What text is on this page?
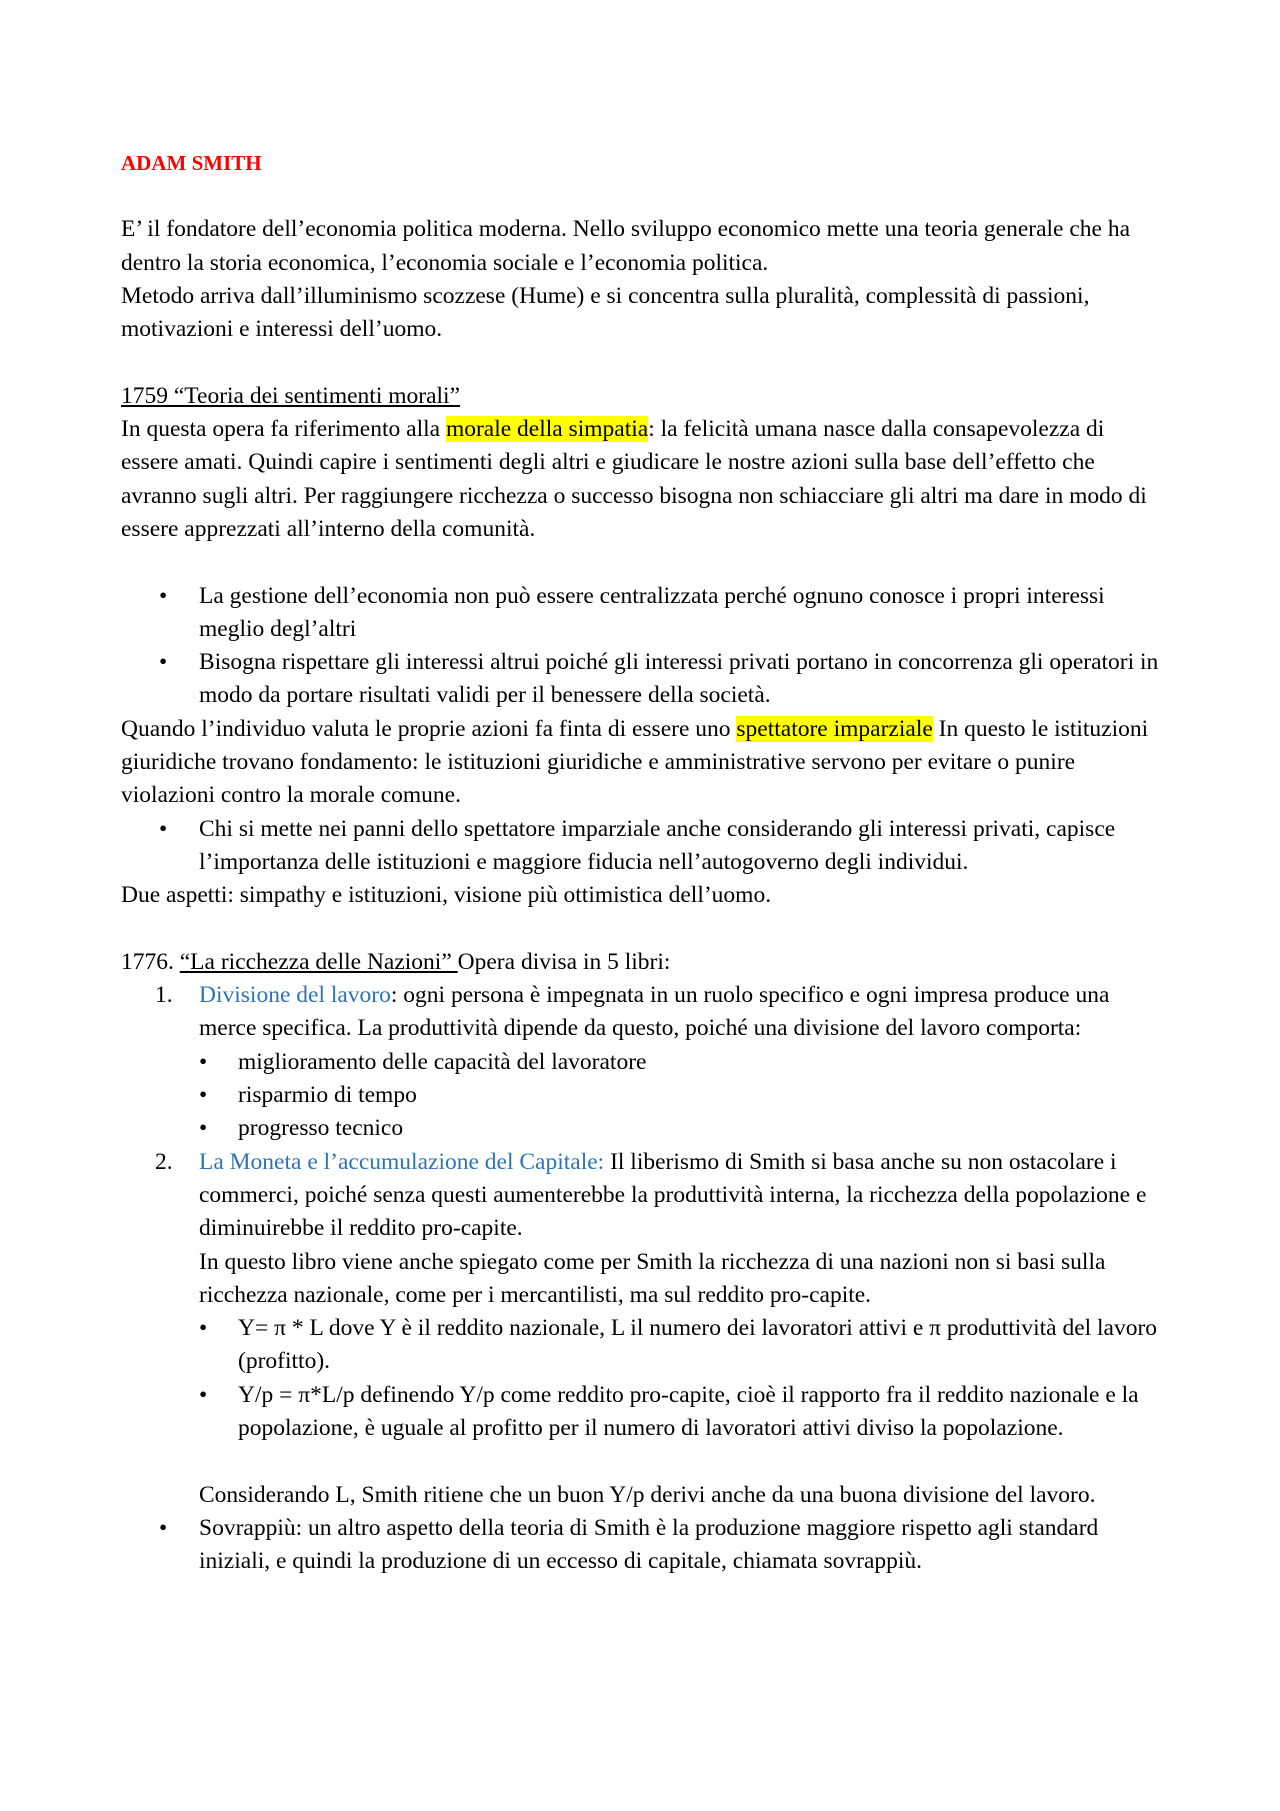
ADAM SMITH

E’ il fondatore dell’economia politica moderna. Nello sviluppo economico mette una teoria generale che ha dentro la storia economica, l’economia sociale e l’economia politica.

Metodo arriva dall’illuminismo scozzese (Hume) e si concentra sulla pluralità, complessità di passioni, motivazioni e interessi dell’uomo.

1759 “Teoria dei sentimenti morali”

In questa opera fa riferimento alla morale della simpatia: la felicità umana nasce dalla consapevolezza di essere amati. Quindi capire i sentimenti degli altri e giudicare le nostre azioni sulla base dell’effetto che avranno sugli altri. Per raggiungere ricchezza o successo bisogna non schiacciare gli altri ma dare in modo di essere apprezzati all’interno della comunità.

• La gestione dell’economia non può essere centralizzata perché ognuno conosce i propri interessi meglio degl’altri
• Bisogna rispettare gli interessi altrui poiché gli interessi privati portano in concorrenza gli operatori in modo da portare risultati validi per il benessere della società.

Quando l’individuo valuta le proprie azioni fa finta di essere uno spettatore imparziale In questo le istituzioni giuridiche trovano fondamento: le istituzioni giuridiche e amministrative servono per evitare o punire violazioni contro la morale comune.

• Chi si mette nei panni dello spettatore imparziale anche considerando gli interessi privati, capisce l’importanza delle istituzioni e maggiore fiducia nell’autogoverno degli individui.

Due aspetti: simpathy e istituzioni, visione più ottimistica dell’uomo.

1776. “La ricchezza delle Nazioni” Opera divisa in 5 libri:

1. Divisione del lavoro: ogni persona è impegnata in un ruolo specifico e ogni impresa produce una merce specifica. La produttività dipende da questo, poiché una divisione del lavoro comporta:
• miglioramento delle capacità del lavoratore
• risparmio di tempo
• progresso tecnico
2. La Moneta e l’accumulazione del Capitale: Il liberismo di Smith si basa anche su non ostacolare i commerci, poiché senza questi aumenterebbe la produttività interna, la ricchezza della popolazione e diminuirebbe il reddito pro-capite.

In questo libro viene anche spiegato come per Smith la ricchezza di una nazioni non si basi sulla ricchezza nazionale, come per i mercantilisti, ma sul reddito pro-capite.

• Y= π * L dove Y è il reddito nazionale, L il numero dei lavoratori attivi e π produttività del lavoro (profitto).
• Y/p = π*L/p definendo Y/p come reddito pro-capite, cioè il rapporto fra il reddito nazionale e la popolazione, è uguale al profitto per il numero di lavoratori attivi diviso la popolazione.

Considerando L, Smith ritiene che un buon Y/p derivi anche da una buona divisione del lavoro.

• Sovrappiù: un altro aspetto della teoria di Smith è la produzione maggiore rispetto agli standard iniziali, e quindi la produzione di un eccesso di capitale, chiamata sovrappiù.
